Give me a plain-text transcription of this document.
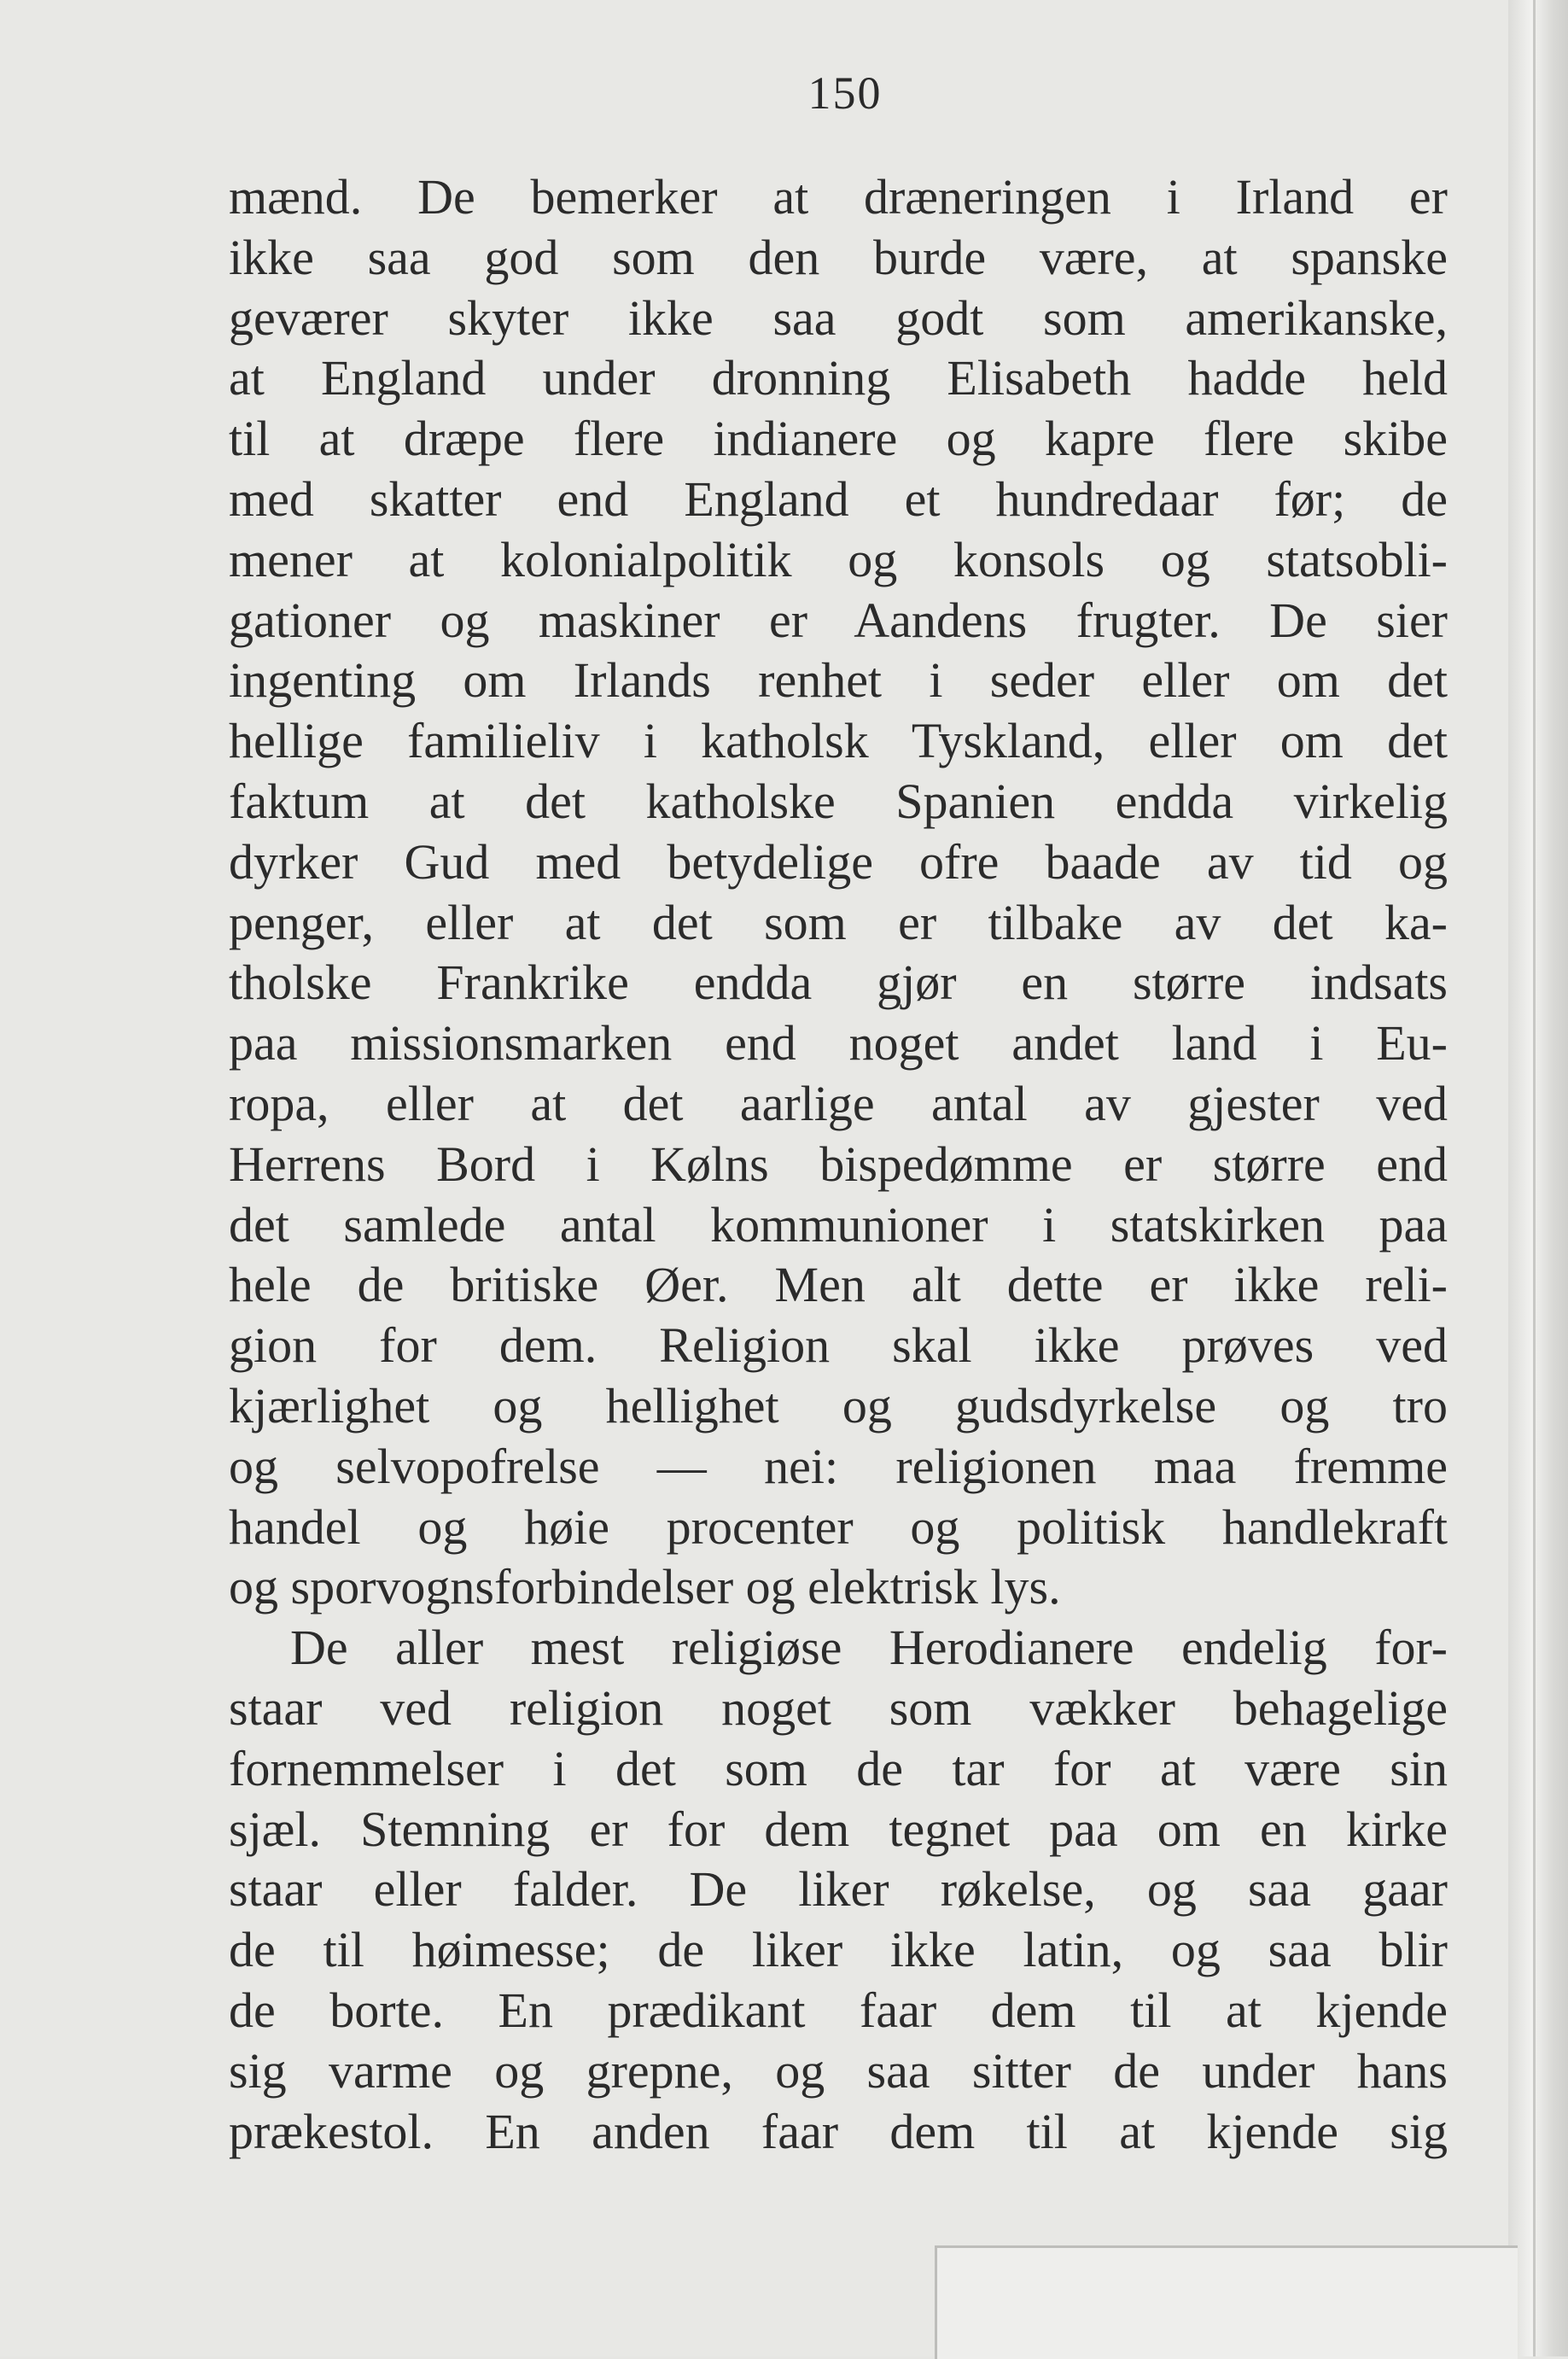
150
mænd. De bemerker at dræneringen i Irland er
ikke saa god som den burde være, at spanske
geværer skyter ikke saa godt som amerikanske,
at England under dronning Elisabeth hadde held
til at dræpe flere indianere og kapre flere skibe
med skatter end England et hundredaar før; de
mener at kolonialpolitik og konsols og statsobli-
gationer og maskiner er Aandens frugter. De sier
ingenting om Irlands renhet i seder eller om det
hellige familieliv i katholsk Tyskland, eller om det
faktum at det katholske Spanien endda virkelig
dyrker Gud med betydelige ofre baade av tid og
penger, eller at det som er tilbake av det ka-
tholske Frankrike endda gjør en større indsats
paa missionsmarken end noget andet land i Eu-
ropa, eller at det aarlige antal av gjester ved
Herrens Bord i Kølns bispedømme er større end
det samlede antal kommunioner i statskirken paa
hele de britiske Øer. Men alt dette er ikke reli-
gion for dem. Religion skal ikke prøves ved
kjærlighet og hellighet og gudsdyrkelse og tro
og selvopofrelse — nei: religionen maa fremme
handel og høie procenter og politisk handlekraft
og sporvognsforbindelser og elektrisk lys.
De aller mest religiøse Herodianere endelig for-
staar ved religion noget som vækker behagelige
fornemmelser i det som de tar for at være sin
sjæl. Stemning er for dem tegnet paa om en kirke
staar eller falder. De liker røkelse, og saa gaar
de til høimesse; de liker ikke latin, og saa blir
de borte. En prædikant faar dem til at kjende
sig varme og grepne, og saa sitter de under hans
prækestol. En anden faar dem til at kjende sig
